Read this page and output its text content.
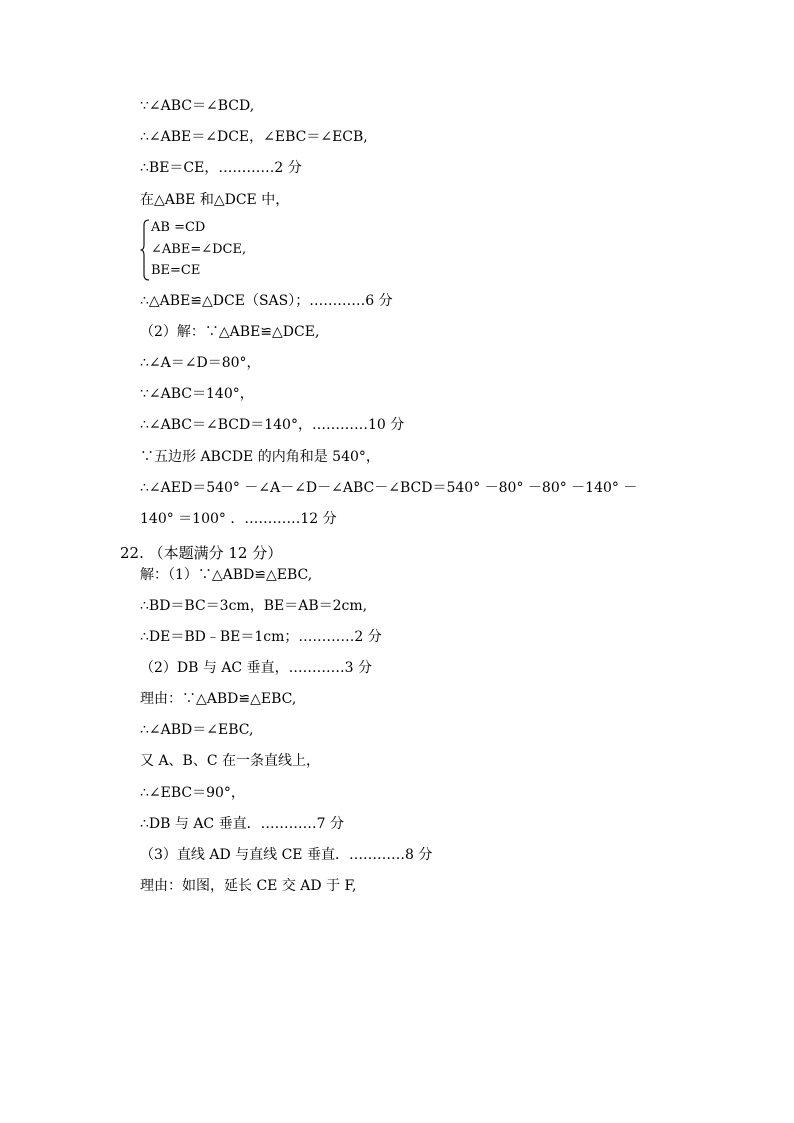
∵∠ABC＝∠BCD,
∴∠ABE＝∠DCE，∠EBC＝∠ECB,
∴BE＝CE，…………2 分
在△ABE 和△DCE 中，
AB =CD
∠ABE=∠DCE,
BE=CE
∴△ABE≌△DCE（SAS）；…………6 分
（2）解：∵△ABE≌△DCE,
∴∠A＝∠D＝80°，
∵∠ABC＝140°，
∴∠ABC＝∠BCD＝140°，…………10 分
∵五边形 ABCDE 的内角和是 540°，
∴∠AED＝540° －∠A－∠D－∠ABC－∠BCD＝540° －80° －80° －140° －
140° ＝100° ．…………12 分
22. （本题满分 12 分）
解：（1）∵△ABD≌△EBC,
∴BD＝BC＝3cm，BE＝AB＝2cm,
∴DE＝BD﹣BE＝1cm；…………2 分
（2）DB 与 AC 垂直，…………3 分
理由：∵△ABD≌△EBC,
∴∠ABD＝∠EBC,
又 A、B、C 在一条直线上，
∴∠EBC＝90°，
∴DB 与 AC 垂直．…………7 分
（3）直线 AD 与直线 CE 垂直．…………8 分
理由：如图，延长 CE 交 AD 于 F,
